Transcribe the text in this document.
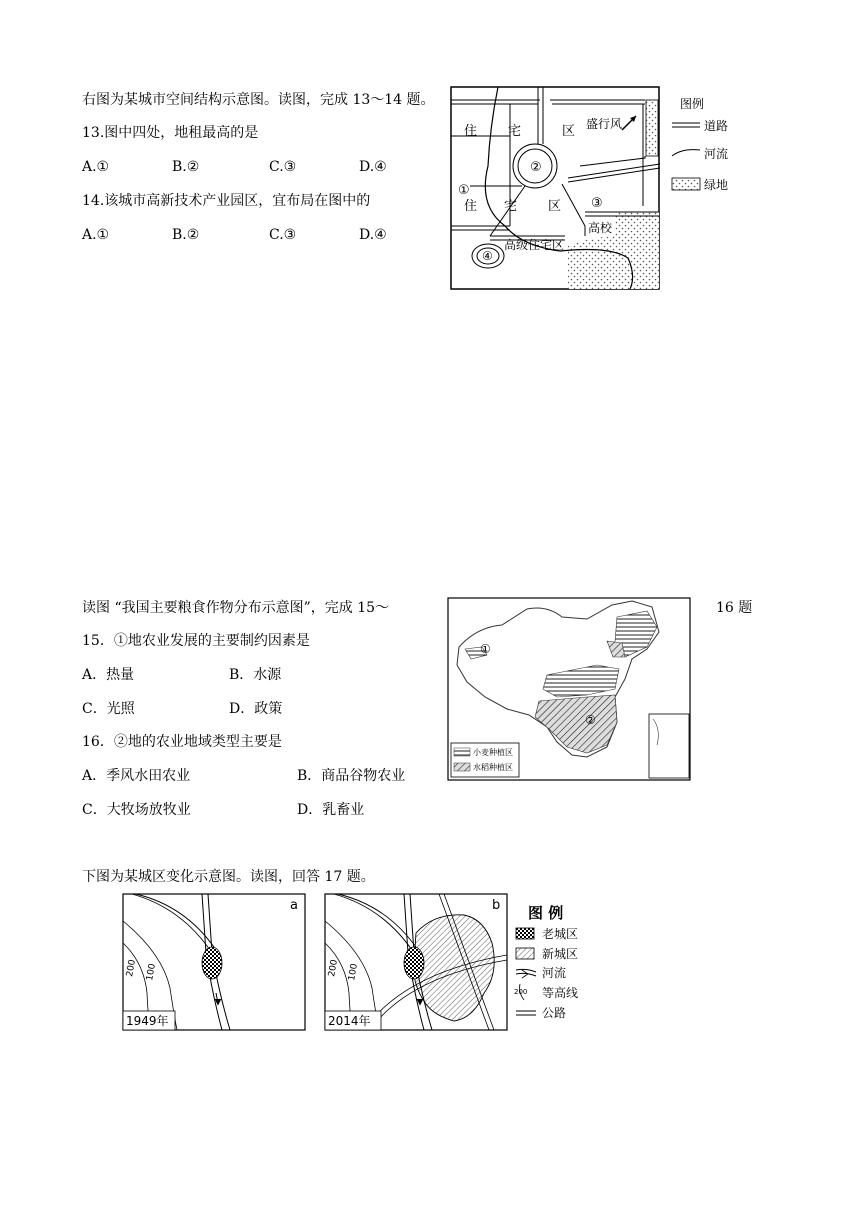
右图为某城市空间结构示意图。读图，完成 13～14 题。
13.图中四处，地租最高的是
A.①	B.②	C.③	D.④
14.该城市高新技术产业园区，宜布局在图中的
A.①	B.②	C.③	D.④
住 宅	区 盛行风
②
①
住 宅 区 ③
高校
高级住宅区
④
图例
道路
河流
绿地
读图 “我国主要粮食作物分布示意图”，完成 15～	16 题
15．①地农业发展的主要制约因素是
A．热量	B．水源
C．光照	D．政策
16．②地的农业地域类型主要是
A．季风水田农业	B．商品谷物农业
C．大牧场放牧业	D．乳畜业
①
②
小麦种植区
水稻种植区
下图为某城区变化示意图。读图，回答 17 题。
200 100
a
1949年
200 100
b
2014年
图 例
老城区
新城区
河流
200 等高线
公路
